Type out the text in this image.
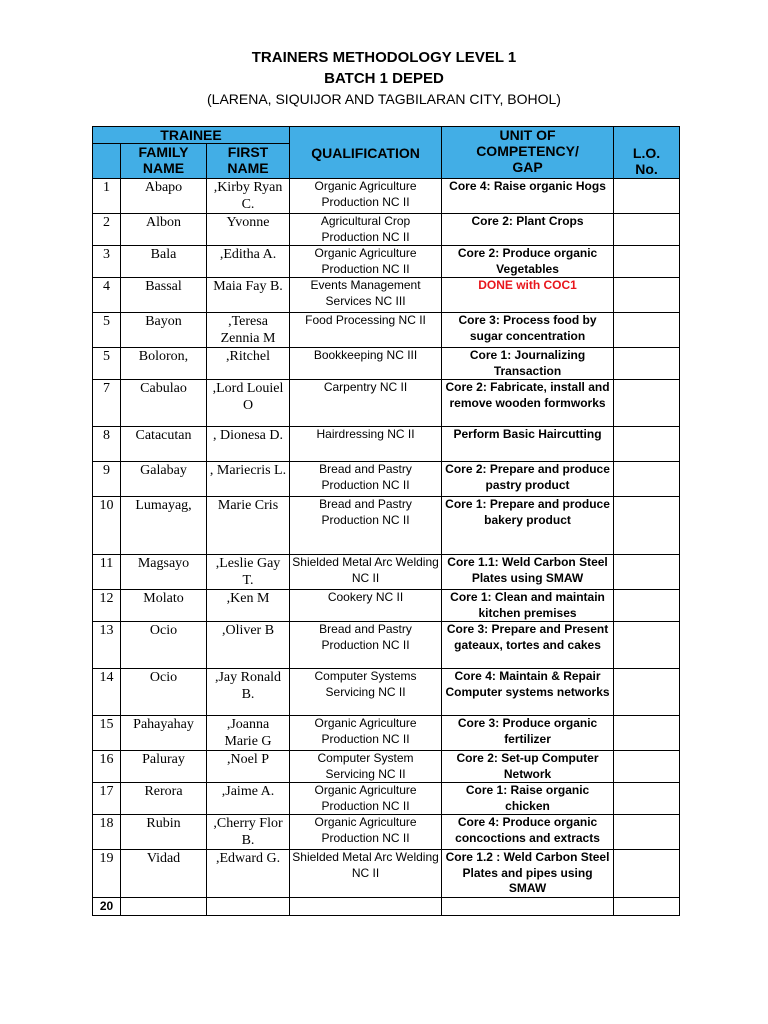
TRAINERS METHODOLOGY LEVEL 1
BATCH 1 DEPED
(LARENA, SIQUIJOR AND TAGBILARAN CITY, BOHOL)
TRAINEE			QUALIFICATION	UNIT OF COMPETENCY/ GAP	L.O. No.
	FAMILY NAME	FIRST NAME			
1	Abapo	,Kirby Ryan C.	Organic Agriculture Production NC II	Core 4: Raise organic Hogs	
2	Albon	Yvonne	Agricultural Crop Production NC II	Core 2: Plant Crops	
3	Bala	,Editha A.	Organic Agriculture Production NC II	Core 2: Produce organic Vegetables	
4	Bassal	Maia Fay B.	Events Management Services NC III	DONE with COC1	
5	Bayon	,Teresa Zennia M	Food Processing NC II	Core 3: Process food by sugar concentration	
5	Boloron,	,Ritchel	Bookkeeping NC III	Core 1: Journalizing Transaction	
7	Cabulao	,Lord Louiel O	Carpentry NC II	Core 2: Fabricate, install and remove wooden formworks	
8	Catacutan	, Dionesa D.	Hairdressing NC II	Perform Basic Haircutting	
9	Galabay	, Mariecris L.	Bread and Pastry Production NC II	Core 2: Prepare and produce pastry product	
10	Lumayag,	Marie Cris	Bread and Pastry Production NC II	Core 1: Prepare and produce bakery product	
11	Magsayo	,Leslie Gay T.	Shielded Metal Arc Welding NC II	Core 1.1: Weld Carbon Steel Plates using SMAW	
12	Molato	,Ken M	Cookery NC II	Core 1: Clean and maintain kitchen premises	
13	Ocio	,Oliver B	Bread and Pastry Production NC II	Core 3: Prepare and Present gateaux, tortes and cakes	
14	Ocio	,Jay Ronald B.	Computer Systems Servicing NC II	Core 4: Maintain & Repair Computer systems networks	
15	Pahayahay	,Joanna Marie G	Organic Agriculture Production NC II	Core 3: Produce organic fertilizer	
16	Paluray	,Noel P	Computer System Servicing NC II	Core 2: Set-up Computer Network	
17	Rerora	,Jaime A.	Organic Agriculture Production NC II	Core 1: Raise organic chicken	
18	Rubin	,Cherry Flor B.	Organic Agriculture Production NC II	Core 4: Produce organic concoctions and extracts	
19	Vidad	,Edward G.	Shielded Metal Arc Welding NC II	Core 1.2 : Weld Carbon Steel Plates and pipes using SMAW	
20					
